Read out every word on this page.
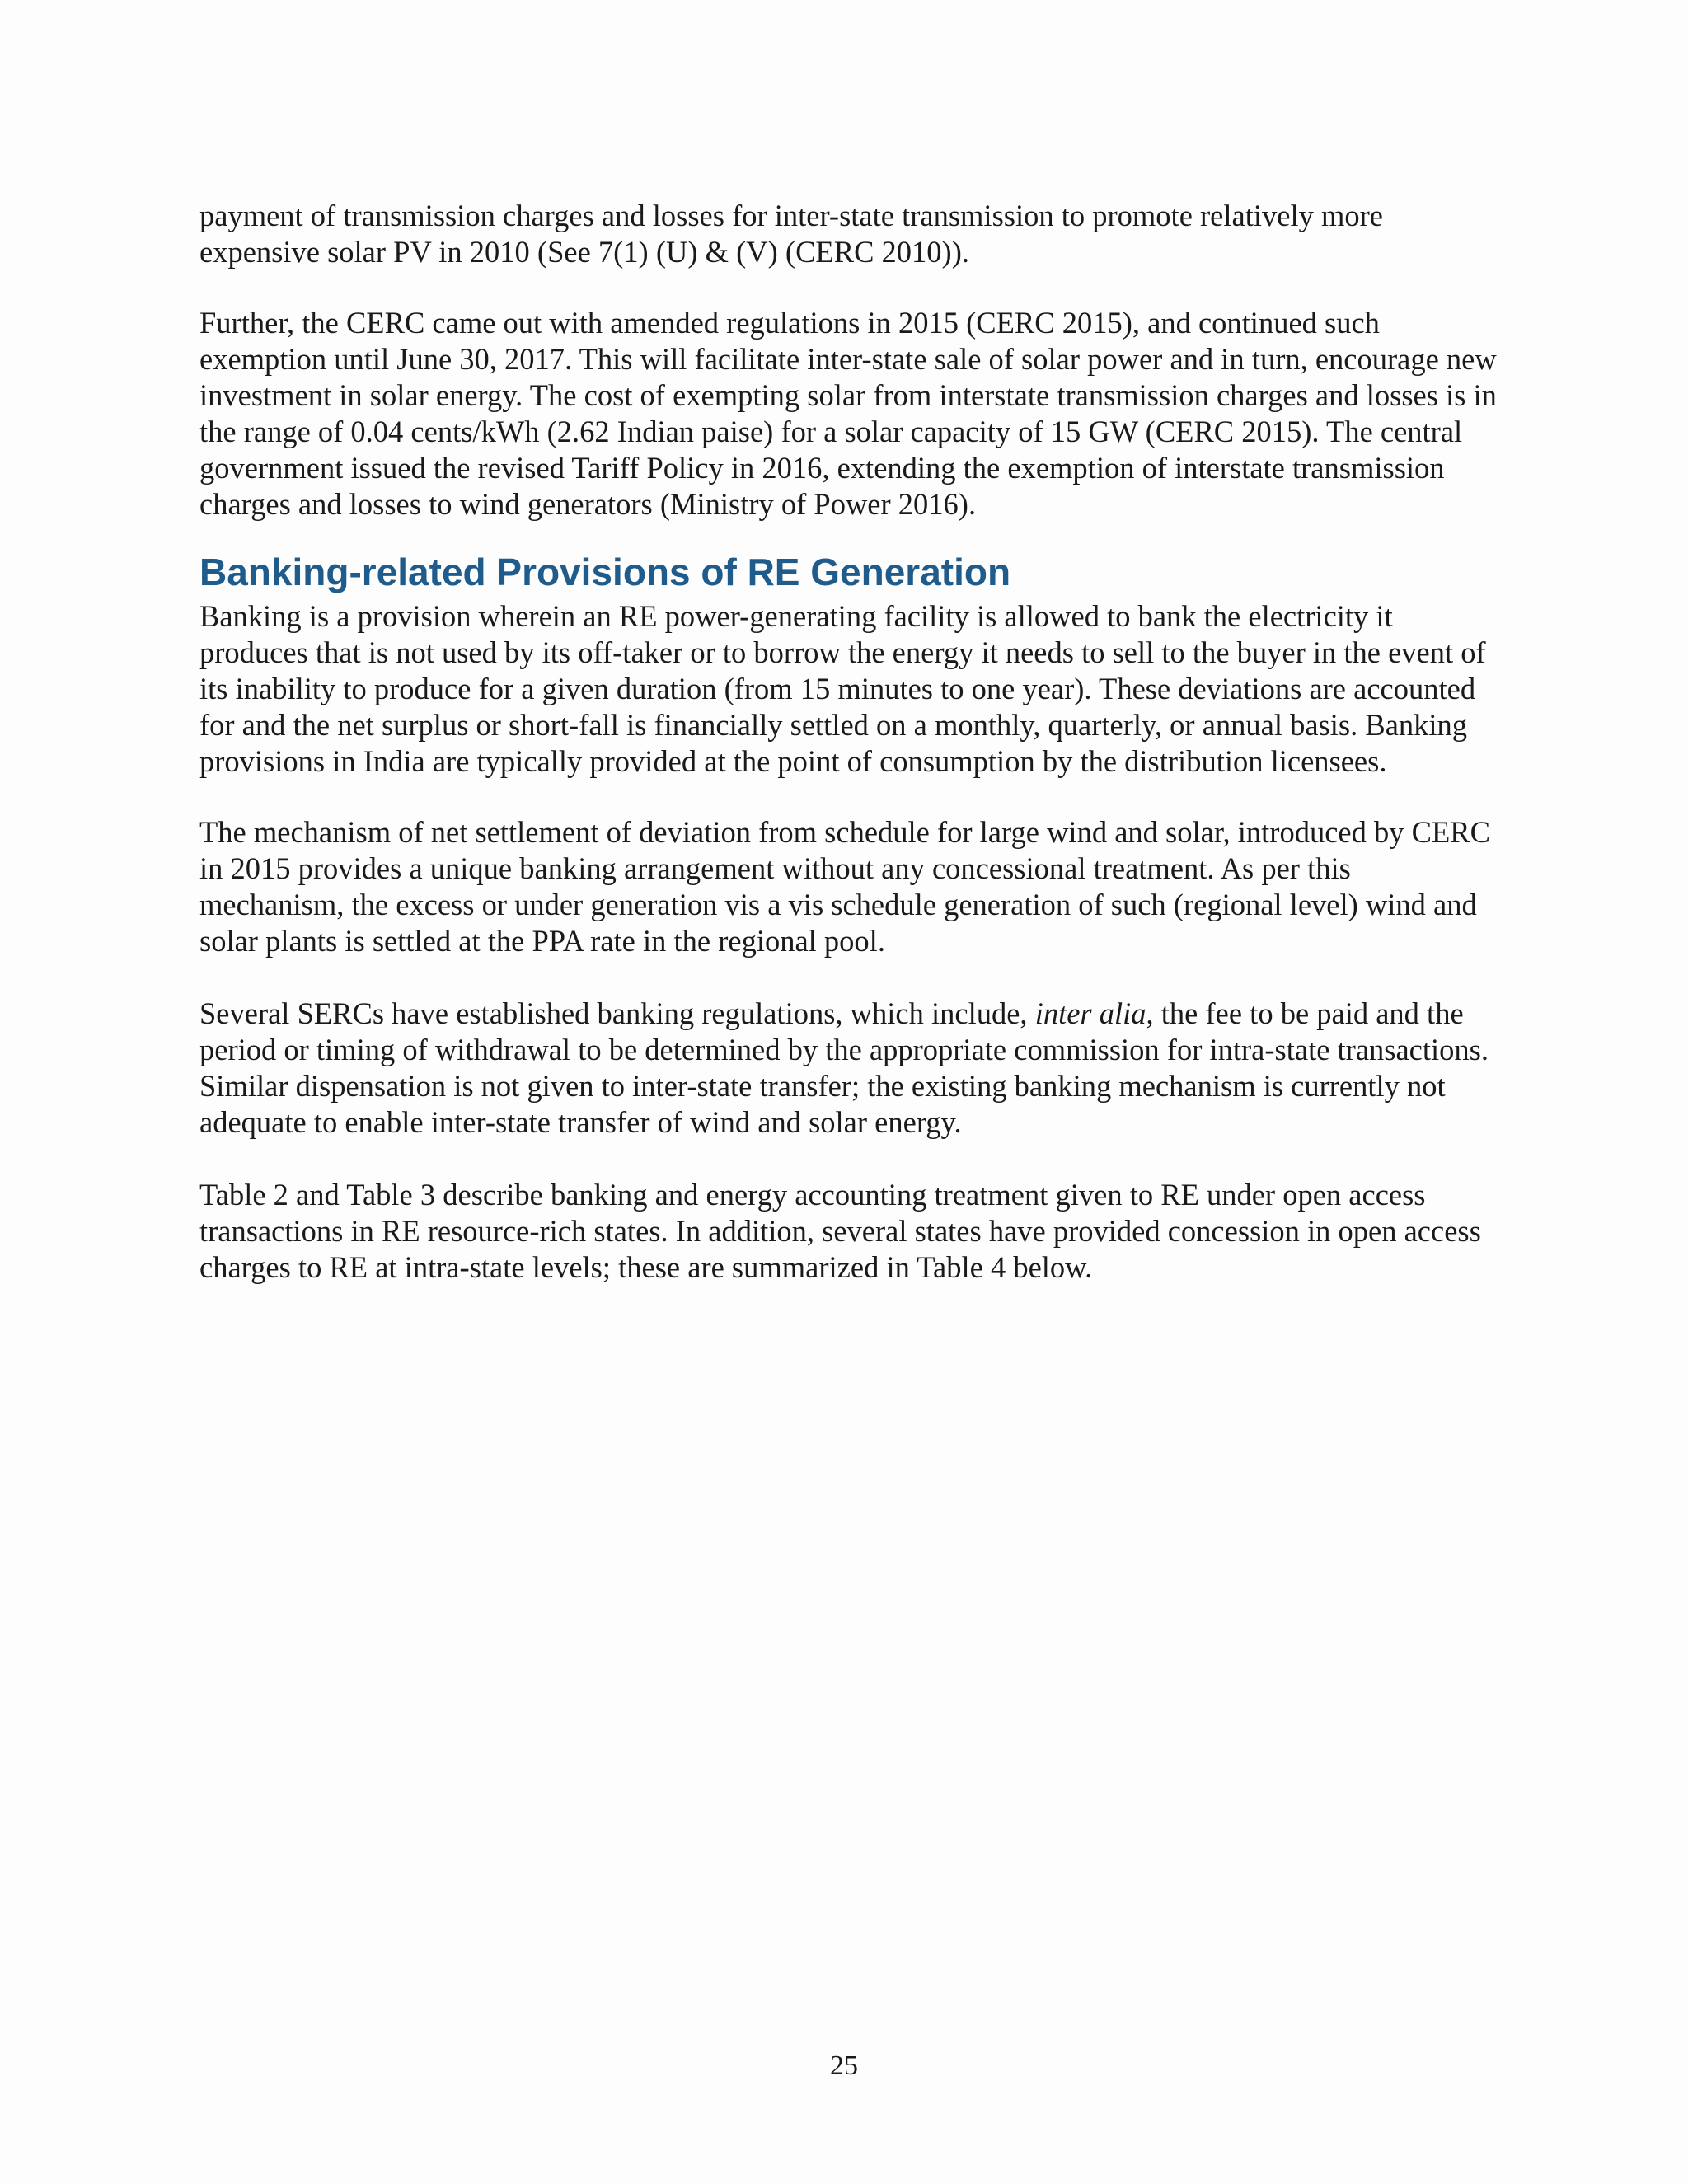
payment of transmission charges and losses for inter-state transmission to promote relatively more expensive solar PV in 2010 (See 7(1) (U) & (V) (CERC 2010)).

Further, the CERC came out with amended regulations in 2015 (CERC 2015), and continued such exemption until June 30, 2017. This will facilitate inter-state sale of solar power and in turn, encourage new investment in solar energy. The cost of exempting solar from interstate transmission charges and losses is in the range of 0.04 cents/kWh (2.62 Indian paise) for a solar capacity of 15 GW (CERC 2015). The central government issued the revised Tariff Policy in 2016, extending the exemption of interstate transmission charges and losses to wind generators (Ministry of Power 2016).

Banking-related Provisions of RE Generation

Banking is a provision wherein an RE power-generating facility is allowed to bank the electricity it produces that is not used by its off-taker or to borrow the energy it needs to sell to the buyer in the event of its inability to produce for a given duration (from 15 minutes to one year). These deviations are accounted for and the net surplus or short-fall is financially settled on a monthly, quarterly, or annual basis. Banking provisions in India are typically provided at the point of consumption by the distribution licensees.

The mechanism of net settlement of deviation from schedule for large wind and solar, introduced by CERC in 2015 provides a unique banking arrangement without any concessional treatment. As per this mechanism, the excess or under generation vis a vis schedule generation of such (regional level) wind and solar plants is settled at the PPA rate in the regional pool.

Several SERCs have established banking regulations, which include, inter alia, the fee to be paid and the period or timing of withdrawal to be determined by the appropriate commission for intra-state transactions. Similar dispensation is not given to inter-state transfer; the existing banking mechanism is currently not adequate to enable inter-state transfer of wind and solar energy.

Table 2 and Table 3 describe banking and energy accounting treatment given to RE under open access transactions in RE resource-rich states. In addition, several states have provided concession in open access charges to RE at intra-state levels; these are summarized in Table 4 below.

25
